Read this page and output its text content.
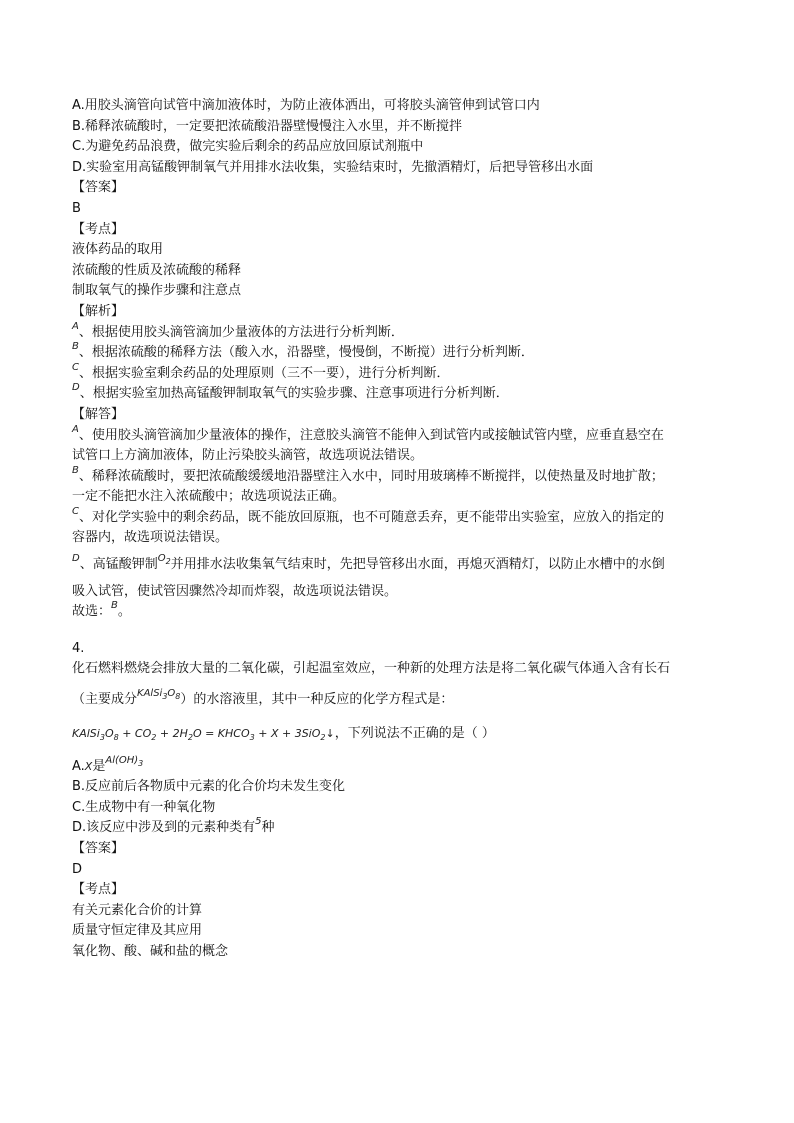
A.用胶头滴管向试管中滴加液体时，为防止液体洒出，可将胶头滴管伸到试管口内
B.稀释浓硫酸时，一定要把浓硫酸沿器壁慢慢注入水里，并不断搅拌
C.为避免药品浪费，做完实验后剩余的药品应放回原试剂瓶中
D.实验室用高锰酸钾制氧气并用排水法收集，实验结束时，先撤酒精灯，后把导管移出水面
【答案】
B
【考点】
液体药品的取用
浓硫酸的性质及浓硫酸的稀释
制取氧气的操作步骤和注意点
【解析】
$^A$、根据使用胶头滴管滴加少量液体的方法进行分析判断．
$^B$、根据浓硫酸的稀释方法（酸入水，沿器壁，慢慢倒，不断搅）进行分析判断．
$^C$、根据实验室剩余药品的处理原则（三不一要），进行分析判断．
$^D$、根据实验室加热高锰酸钾制取氧气的实验步骤、注意事项进行分析判断．
【解答】
$^A$、使用胶头滴管滴加少量液体的操作，注意胶头滴管不能伸入到试管内或接触试管内壁，应垂直悬空在
试管口上方滴加液体，防止污染胶头滴管，故选项说法错误。
$^B$、稀释浓硫酸时，要把浓硫酸缓缓地沿器壁注入水中，同时用玻璃棒不断搅拌，以使热量及时地扩散；
一定不能把水注入浓硫酸中；故选项说法正确。
$^C$、对化学实验中的剩余药品，既不能放回原瓶，也不可随意丢弃，更不能带出实验室，应放入的指定的
容器内，故选项说法错误。
$^D$、高锰酸钾制$^{O_2}$并用排水法收集氧气结束时，先把导管移出水面，再熄灭酒精灯，以防止水槽中的水倒
吸入试管，使试管因骤然冷却而炸裂，故选项说法错误。
故选：$^B$。
4.
化石燃料燃烧会排放大量的二氧化碳，引起温室效应，一种新的处理方法是将二氧化碳气体通入含有长石
（主要成分$^{KAlSi_3O_8}$）的水溶液里，其中一种反应的化学方程式是：
$KAlSi_3O_8 + CO_2 + 2H_2O$ = $KHCO_3 + X$ + 3SiO$_2$↓，下列说法不正确的是（ ）
A.X是$^{Al(OH)_3}$
B.反应前后各物质中元素的化合价均未发生变化
C.生成物中有一种氧化物
D.该反应中涉及到的元素种类有$^5$种
【答案】
D
【考点】
有关元素化合价的计算
质量守恒定律及其应用
氧化物、酸、碱和盐的概念
